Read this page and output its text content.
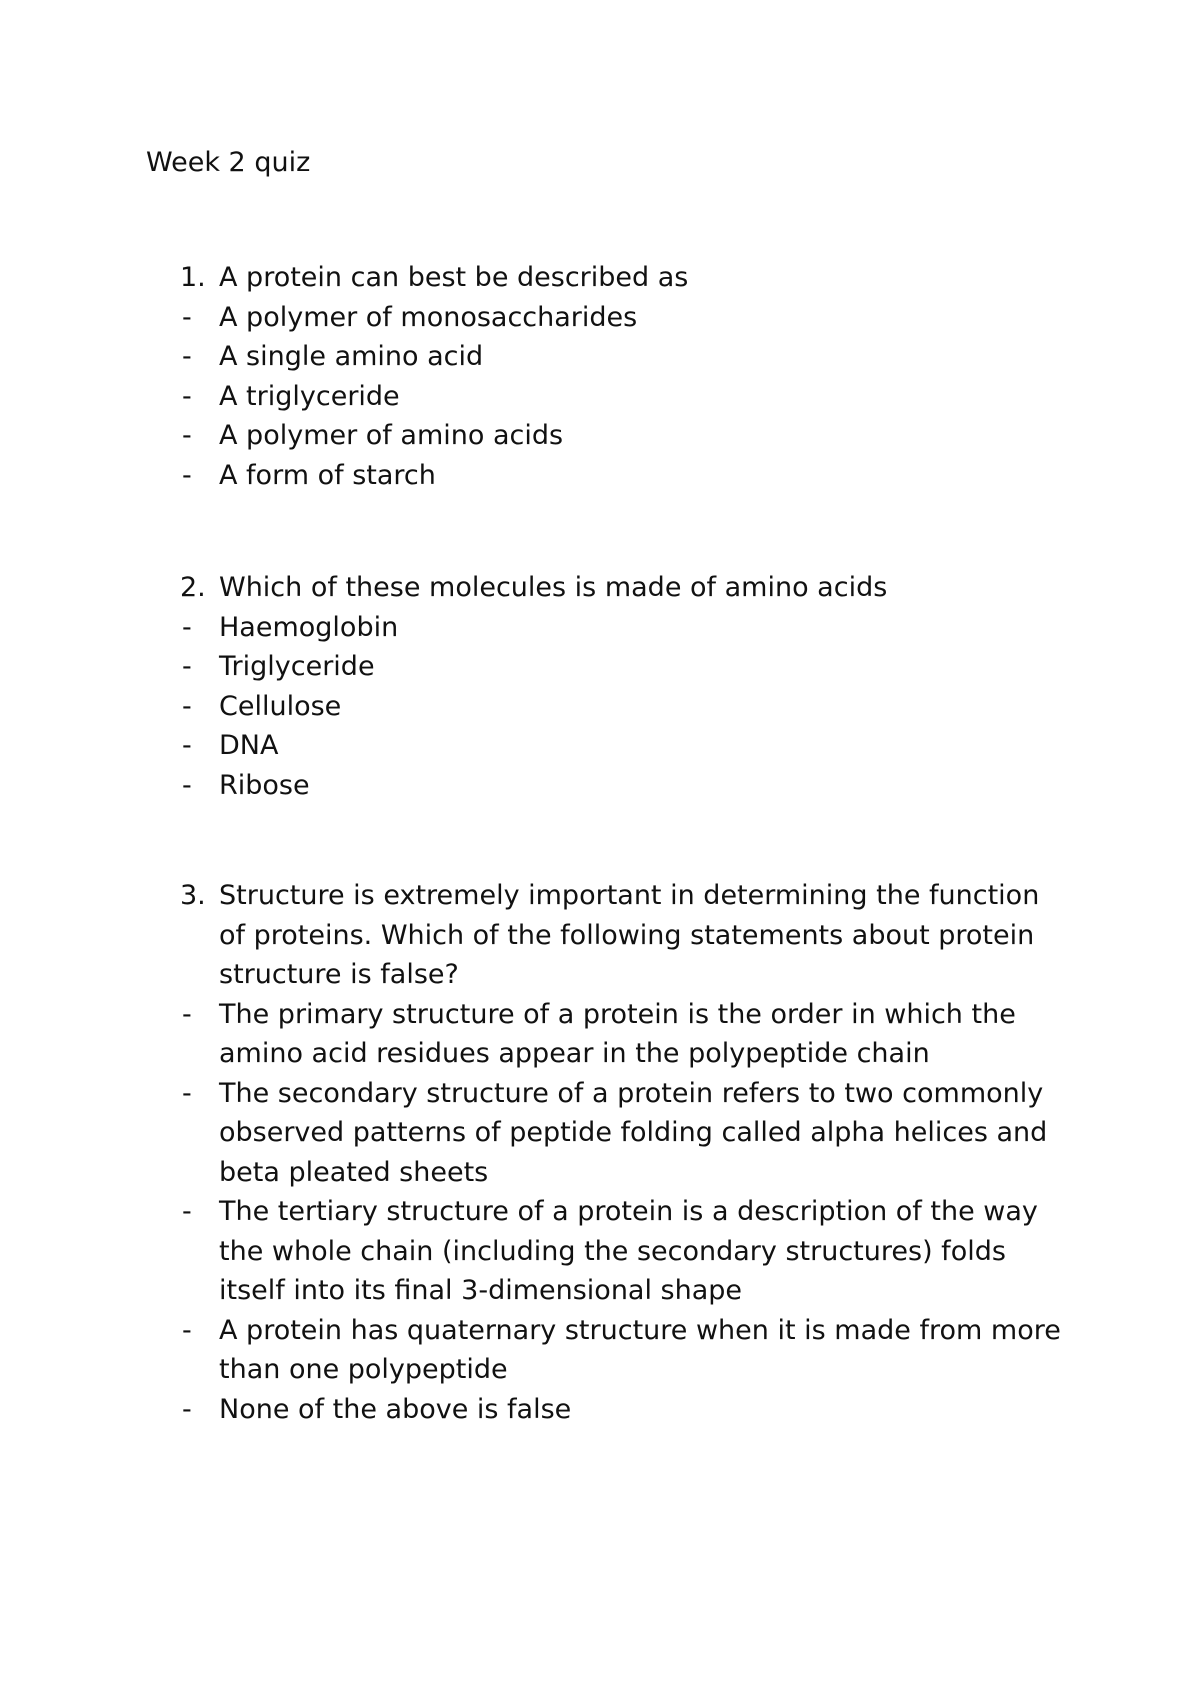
Week 2 quiz
1. A protein can best be described as
- A polymer of monosaccharides
- A single amino acid
- A triglyceride
- A polymer of amino acids
- A form of starch
2. Which of these molecules is made of amino acids
- Haemoglobin
- Triglyceride
- Cellulose
- DNA
- Ribose
3. Structure is extremely important in determining the function
of proteins. Which of the following statements about protein
structure is false?
- The primary structure of a protein is the order in which the
amino acid residues appear in the polypeptide chain
- The secondary structure of a protein refers to two commonly
observed patterns of peptide folding called alpha helices and
beta pleated sheets
- The tertiary structure of a protein is a description of the way
the whole chain (including the secondary structures) folds
itself into its final 3-dimensional shape
- A protein has quaternary structure when it is made from more
than one polypeptide
- None of the above is false
